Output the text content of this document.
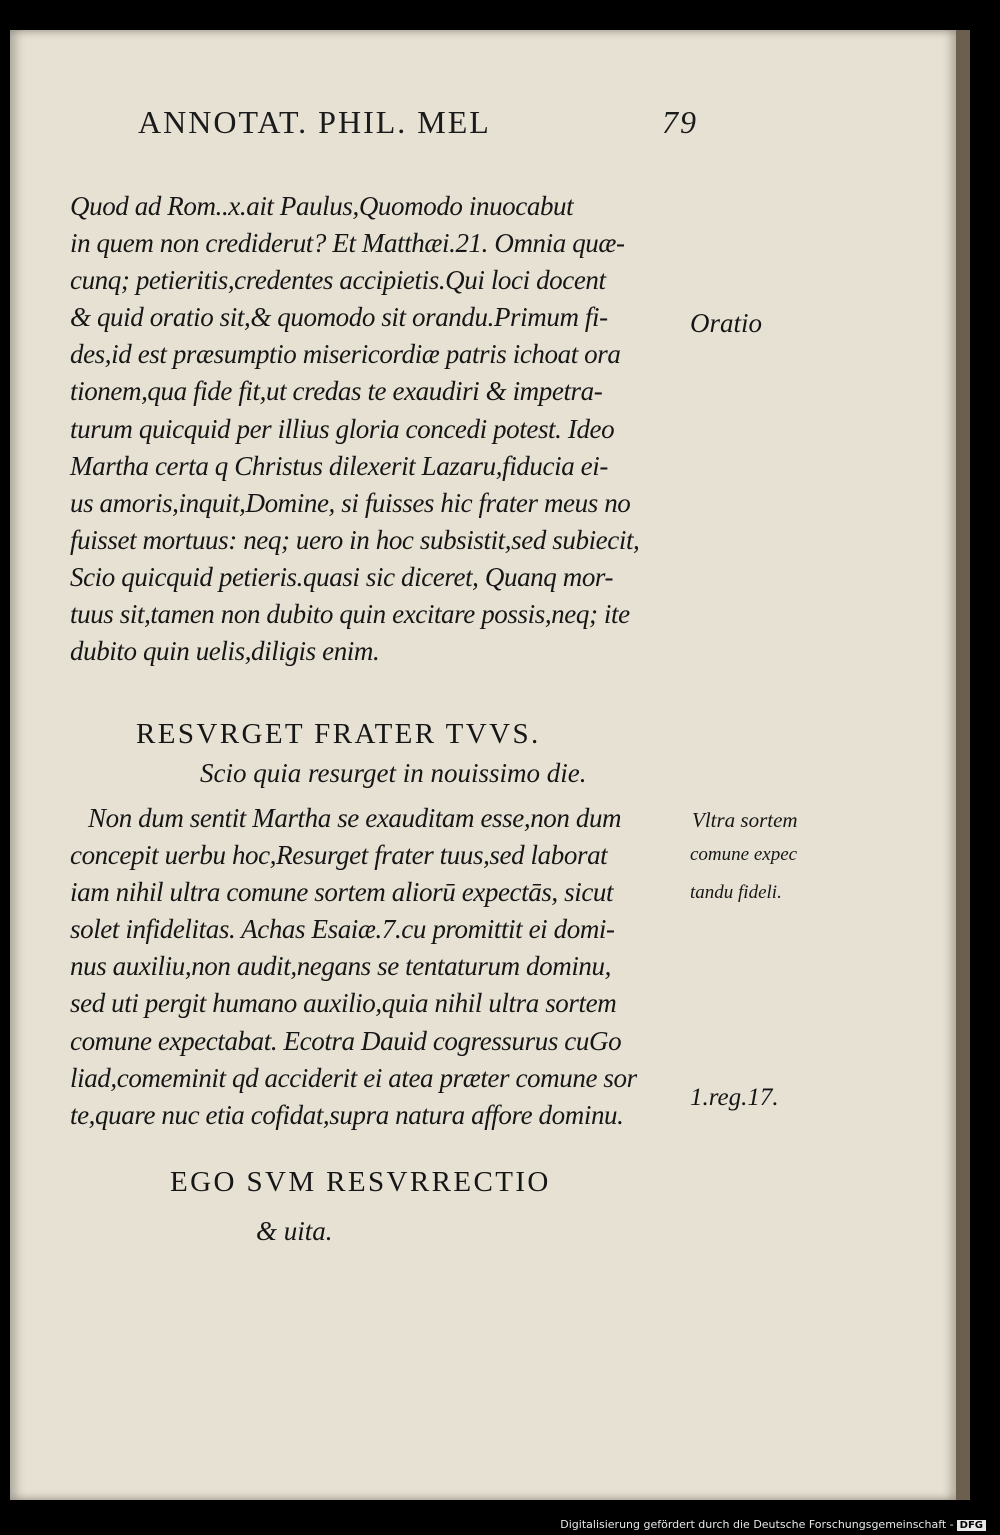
ANNOTAT. PHIL. MEL	79
Quod ad Rom..x.ait Paulus,Quomodo inuocabut
in quem non crediderut? Et Matthæi.21. Omnia quæ-
cunq; petieritis,credentes accipietis.Qui loci docent
& quid oratio sit,& quomodo sit orandu.Primum fi-
des,id est præsumptio misericordiæ patris ichoat ora
tionem,qua fide fit,ut credas te exaudiri & impetra-
turum quicquid per illius gloria concedi potest. Ideo
Martha certa q Christus dilexerit Lazaru,fiducia ei-
us amoris,inquit,Domine, si fuisses hic frater meus no
fuisset mortuus: neq; uero in hoc subsistit,sed subiecit,
Scio quicquid petieris.quasi sic diceret, Quanq mor-
tuus sit,tamen non dubito quin excitare possis,neq; ite
dubito quin uelis,diligis enim.
RESVRGET FRATER TVVS.
Scio quia resurget in nouissimo die.
Non dum sentit Martha se exauditam esse,non dum
concepit uerbu hoc,Resurget frater tuus,sed laborat
iam nihil ultra comune sortem aliorū expectās, sicut
solet infidelitas. Achas Esaiæ.7.cu promittit ei domi-
nus auxiliu,non audit,negans se tentaturum dominu,
sed uti pergit humano auxilio,quia nihil ultra sortem
comune expectabat. Ecotra Dauid cogressurus cuGo
liad,comeminit qd acciderit ei atea præter comune sor
te,quare nuc etia cofidat,supra natura affore dominu.
EGO SVM RESVRRECTIO
& uita.
Oratio
Vltra sortem
comune expec
tandu fideli.
1.reg.17.
Digitalisierung gefördert durch die Deutsche Forschungsgemeinschaft - DFG
